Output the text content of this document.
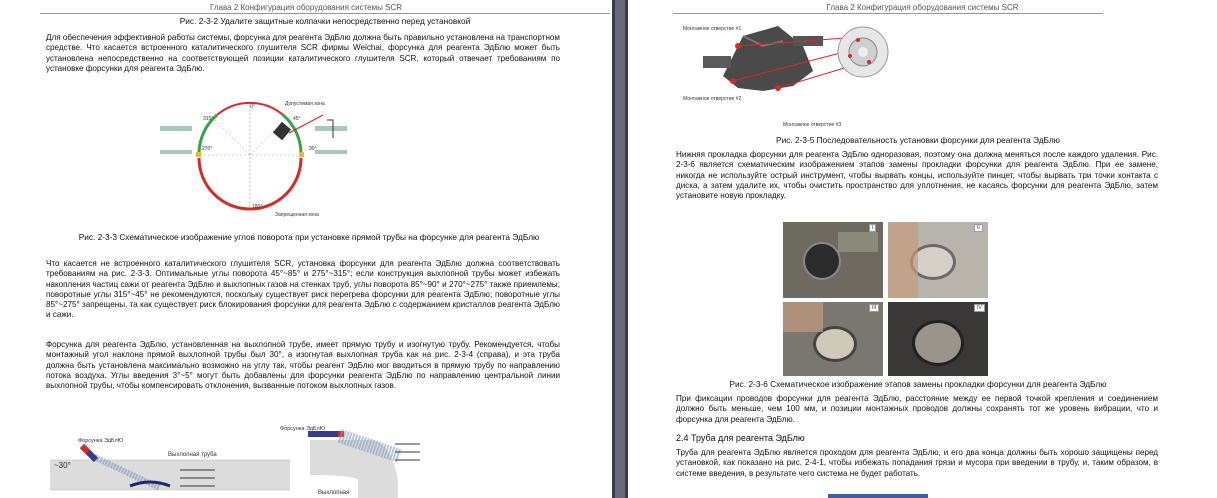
Глава 2 Конфигурация оборудования системы SCR

Рис. 2-3-2 Удалите защитные колпачки непосредственно перед установкой

Для обеспечения эффективной работы системы, форсунка для реагента ЭдБлю должна быть правильно установлена на транспортном средстве. Что касается встроенного каталитического глушителя SCR фирмы Weichai, форсунка для реагента ЭдБлю может быть установлена непосредственно на соответствующей позиции каталитического глушителя SCR, который отвечает требованиям по установке форсунки для реагента ЭдБлю.

0°
45°
315°
270°	90°
180°
Допустимая зона
Запрещенная зона

Рис. 2-3-3 Схематическое изображение углов поворота при установке прямой трубы на форсунке для реагента ЭдБлю

Что касается не встроенного каталитического глушителя SCR, установка форсунки для реагента ЭдБлю должна соответствовать требованиям на рис. 2-3-3. Оптимальные углы поворота 45°~85° и 275°~315°; если конструкция выхлопной трубы может избежать накопления частиц сажи от реагента ЭдБлю и выхлопных газов на стенках труб, углы поворота 85°~90° и 270°~275° также приемлемы; поворотные углы 315°~45° не рекомендуются, поскольку существует риск перегрева форсунки для реагента ЭдБлю; поворотные углы 85°~275° запрещены, та как существует риск блокирования форсунки для реагента ЭдБлю с содержанием кристаллов реагента ЭдБлю и сажи.

Форсунка для реагента ЭдБлю, установленная на выхлопной трубе, имеет прямую трубу и изогнутую трубу. Рекомендуется, чтобы монтажный угол наклона прямой выхлопной трубы был 30°, а изогнутая выхлопная труба как на рис. 2-3-4 (справа), и эта труба должна быть установлена максимально возможно на углу так, чтобы реагент ЭдБлю мог вводиться в прямую трубу по направлению потока воздуха. Углы введения 3°~5° могут быть добавлены для форсунки реагента ЭдБлю по направлению центральной линии выхлопной трубы, чтобы компенсировать отклонения, вызванные потоком выхлопных газов.

Форсунка ЭдБлЮ
~30°
Выхлопная труба
Форсунка ЭдБлЮ
Выхлопная
Глава 2 Конфигурация оборудования системы SCR
Монтажное отверстие #1
Монтажное отверстие #2
Монтажное отверстие #3

Рис. 2-3-5 Последовательность установки форсунки для реагента ЭдБлю

Нижняя прокладка форсунки для реагента ЭдБлю одноразовая, поэтому она должна меняться после каждого удаления. Рис. 2-3-6 является схематическим изображением этапов замены прокладки форсунки для реагента ЭдБлю. При ее замене, никогда не используйте острый инструмент, чтобы вырвать концы, используйте пинцет, чтобы вырвать три точки контакта с диска, а затем удалите их, чтобы очистить пространство для уплотнения, не касаясь форсунки для реагента ЭдБлю, затем установите новую прокладку.

I	II
III	IV

Рис. 2-3-6 Схематическое изображение этапов замены прокладки форсунки для реагента ЭдБлю

При фиксации проводов форсунки для реагента ЭдБлю, расстояние между ее первой точкой крепления и соединением должно быть меньше, чем 100 мм, и позиции монтажных проводов должны сохранять тот же уровень вибрации, что и форсунка для реагента ЭдБлю.

2.4 Труба для реагента ЭдБлю

Труба для реагента ЭдБлю является проходом для реагента ЭдБлю, и его два конца должны быть хорошо защищены перед установкой, как показано на рис. 2-4-1, чтобы избежать попадания грязи и мусора при введении в трубу, и, таким образом, в системе введения, в результате чего система не будет работать.
